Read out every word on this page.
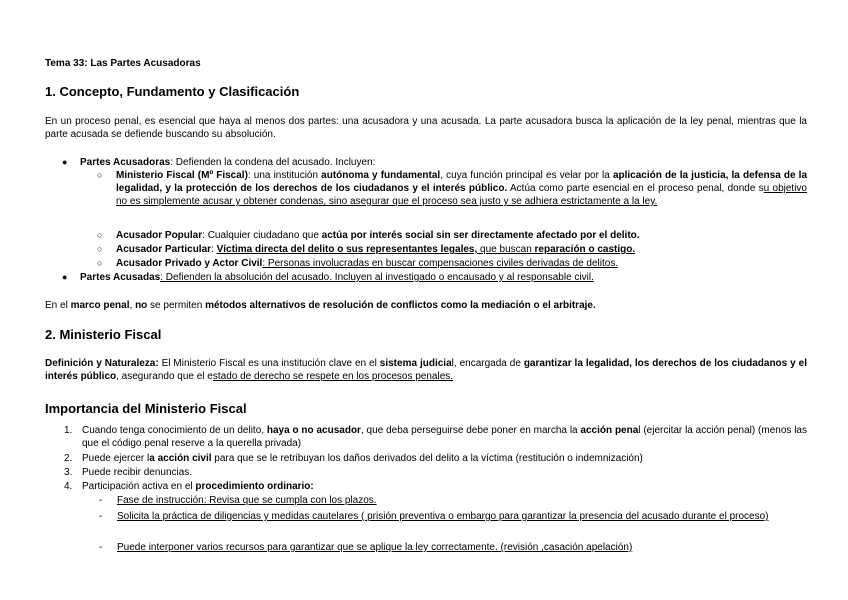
Tema 33: Las Partes Acusadoras
1. Concepto, Fundamento y Clasificación
En un proceso penal, es esencial que haya al menos dos partes: una acusadora y una acusada. La parte acusadora busca la aplicación de la ley penal, mientras que la parte acusada se defiende buscando su absolución.
● Partes Acusadoras: Defienden la condena del acusado. Incluyen:
○ Ministerio Fiscal (Mº Fiscal): una institución autónoma y fundamental, cuya función principal es velar por la aplicación de la justicia, la defensa de la legalidad, y la protección de los derechos de los ciudadanos y el interés público. Actúa como parte esencial en el proceso penal, donde su objetivo no es simplemente acusar y obtener condenas, sino asegurar que el proceso sea justo y se adhiera estrictamente a la ley.
○ Acusador Popular: Cualquier ciudadano que actúa por interés social sin ser directamente afectado por el delito.
○ Acusador Particular: Víctima directa del delito o sus representantes legales, que buscan reparación o castigo.
○ Acusador Privado y Actor Civil: Personas involucradas en buscar compensaciones civiles derivadas de delitos.
● Partes Acusadas: Defienden la absolución del acusado. Incluyen al investigado o encausado y al responsable civil.
En el marco penal, no se permiten métodos alternativos de resolución de conflictos como la mediación o el arbitraje.
2. Ministerio Fiscal
Definición y Naturaleza: El Ministerio Fiscal es una institución clave en el sistema judicial, encargada de garantizar la legalidad, los derechos de los ciudadanos y el interés público, asegurando que el estado de derecho se respete en los procesos penales.
Importancia del Ministerio Fiscal
1. Cuando tenga conocimiento de un delito, haya o no acusador, que deba perseguirse debe poner en marcha la acción penal (ejercitar la acción penal) (menos las que el código penal reserve a la querella privada)
2. Puede ejercer la acción civil para que se le retribuyan los daños derivados del delito a la víctima (restitución o indemnización)
3. Puede recibir denuncias.
4. Participación activa en el procedimiento ordinario:
- Fase de instrucción: Revisa que se cumpla con los plazos.
- Solicita la práctica de diligencias y medidas cautelares ( prisión preventiva o embargo para garantizar la presencia del acusado durante el proceso)
- Puede interponer varios recursos para garantizar que se aplique la ley correctamente. (revisión ,casación apelación)
